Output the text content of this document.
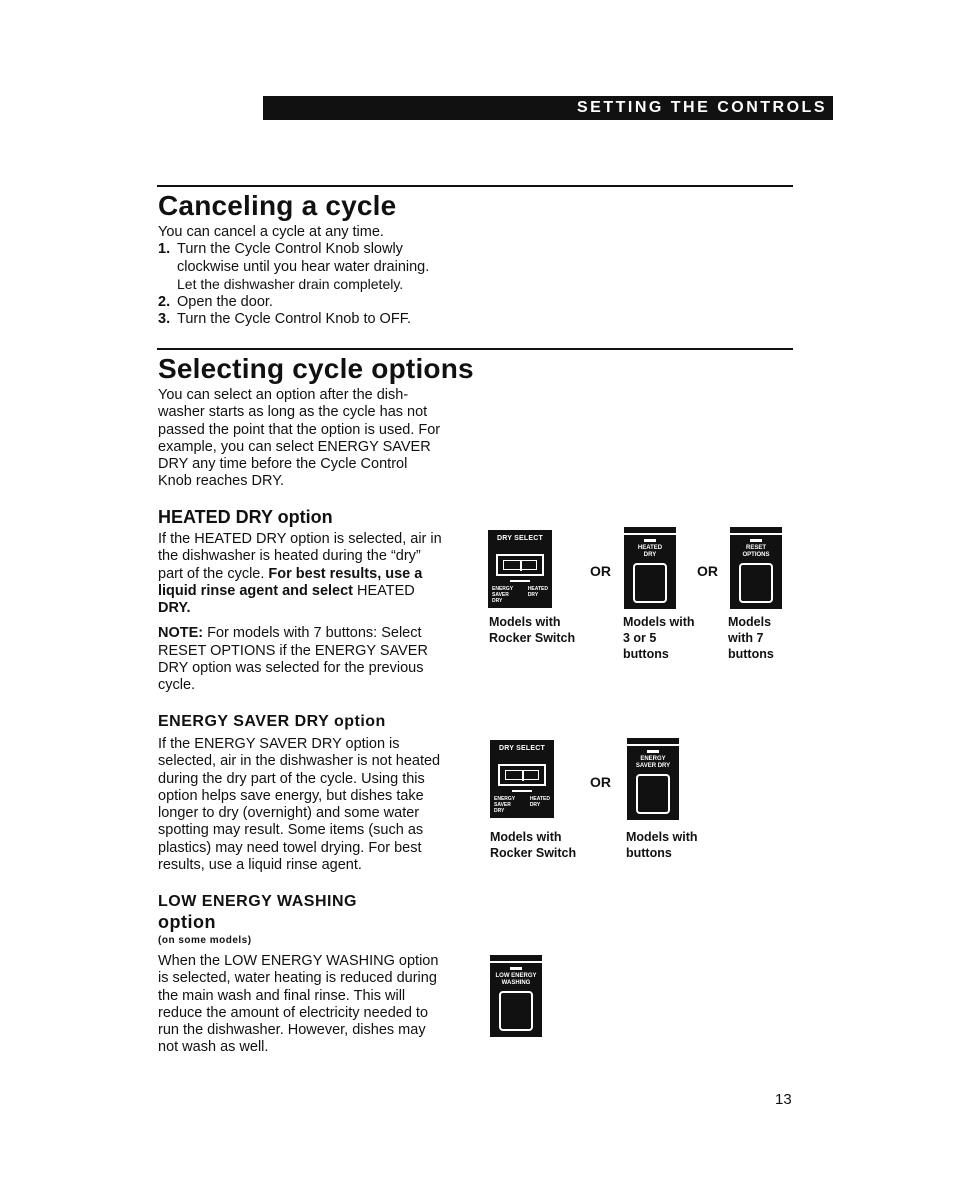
SETTING THE CONTROLS
Canceling a cycle
You can cancel a cycle at any time.
1. Turn the Cycle Control Knob slowly
clockwise until you hear water draining.
Let the dishwasher drain completely.
2. Open the door.
3. Turn the Cycle Control Knob to OFF.
Selecting cycle options
You can select an option after the dish-
washer starts as long as the cycle has not
passed the point that the option is used. For
example, you can select ENERGY SAVER
DRY any time before the Cycle Control
Knob reaches DRY.
HEATED DRY option
If the HEATED DRY option is selected, air in
the dishwasher is heated during the “dry”
part of the cycle. For best results, use a
liquid rinse agent and select HEATED
DRY.
NOTE: For models with 7 buttons: Select
RESET OPTIONS if the ENERGY SAVER
DRY option was selected for the previous
cycle.
ENERGY SAVER DRY option
If the ENERGY SAVER DRY option is
selected, air in the dishwasher is not heated
during the dry part of the cycle. Using this
option helps save energy, but dishes take
longer to dry (overnight) and some water
spotting may result. Some items (such as
plastics) may need towel drying. For best
results, use a liquid rinse agent.
LOW ENERGY WASHING
option
(on some models)
When the LOW ENERGY WASHING option
is selected, water heating is reduced during
the main wash and final rinse. This will
reduce the amount of electricity needed to
run the dishwasher. However, dishes may
not wash as well.
DRY SELECT
ENERGY
SAVER
DRY
HEATED
DRY
OR
HEATED
DRY
OR
RESET
OPTIONS
Models with
Rocker Switch
Models with
3 or 5
buttons
Models
with 7
buttons
DRY SELECT
ENERGY
SAVER
DRY
HEATED
DRY
OR
ENERGY
SAVER DRY
Models with
Rocker Switch
Models with
buttons
LOW ENERGY
WASHING
13
